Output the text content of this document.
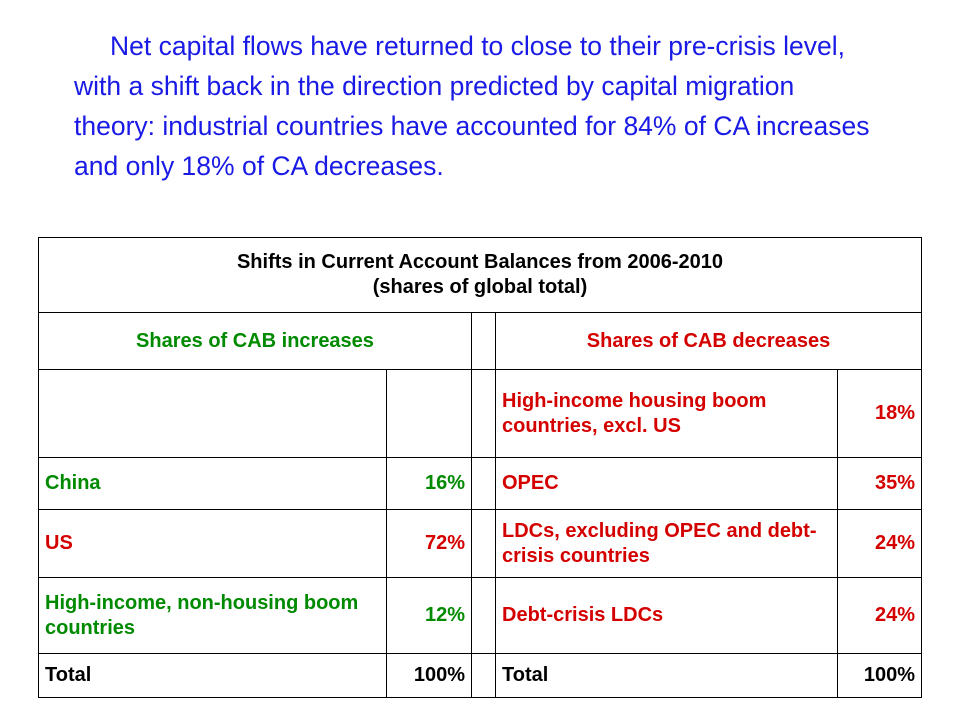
Net capital flows have returned to close to their pre-crisis level, with a shift back in the direction predicted by capital migration theory: industrial countries have accounted for 84% of CA increases and only 18% of CA decreases.

Shifts in Current Account Balances from 2006-2010
(shares of global total)				

Shares of CAB increases			Shares of CAB decreases	
			High-income housing boom countries, excl. US	18%
China	16%		OPEC	35%
US	72%		LDCs, excluding OPEC and debt-crisis countries	24%
High-income, non-housing boom countries	12%		Debt-crisis LDCs	24%
Total	100%		Total	100%
